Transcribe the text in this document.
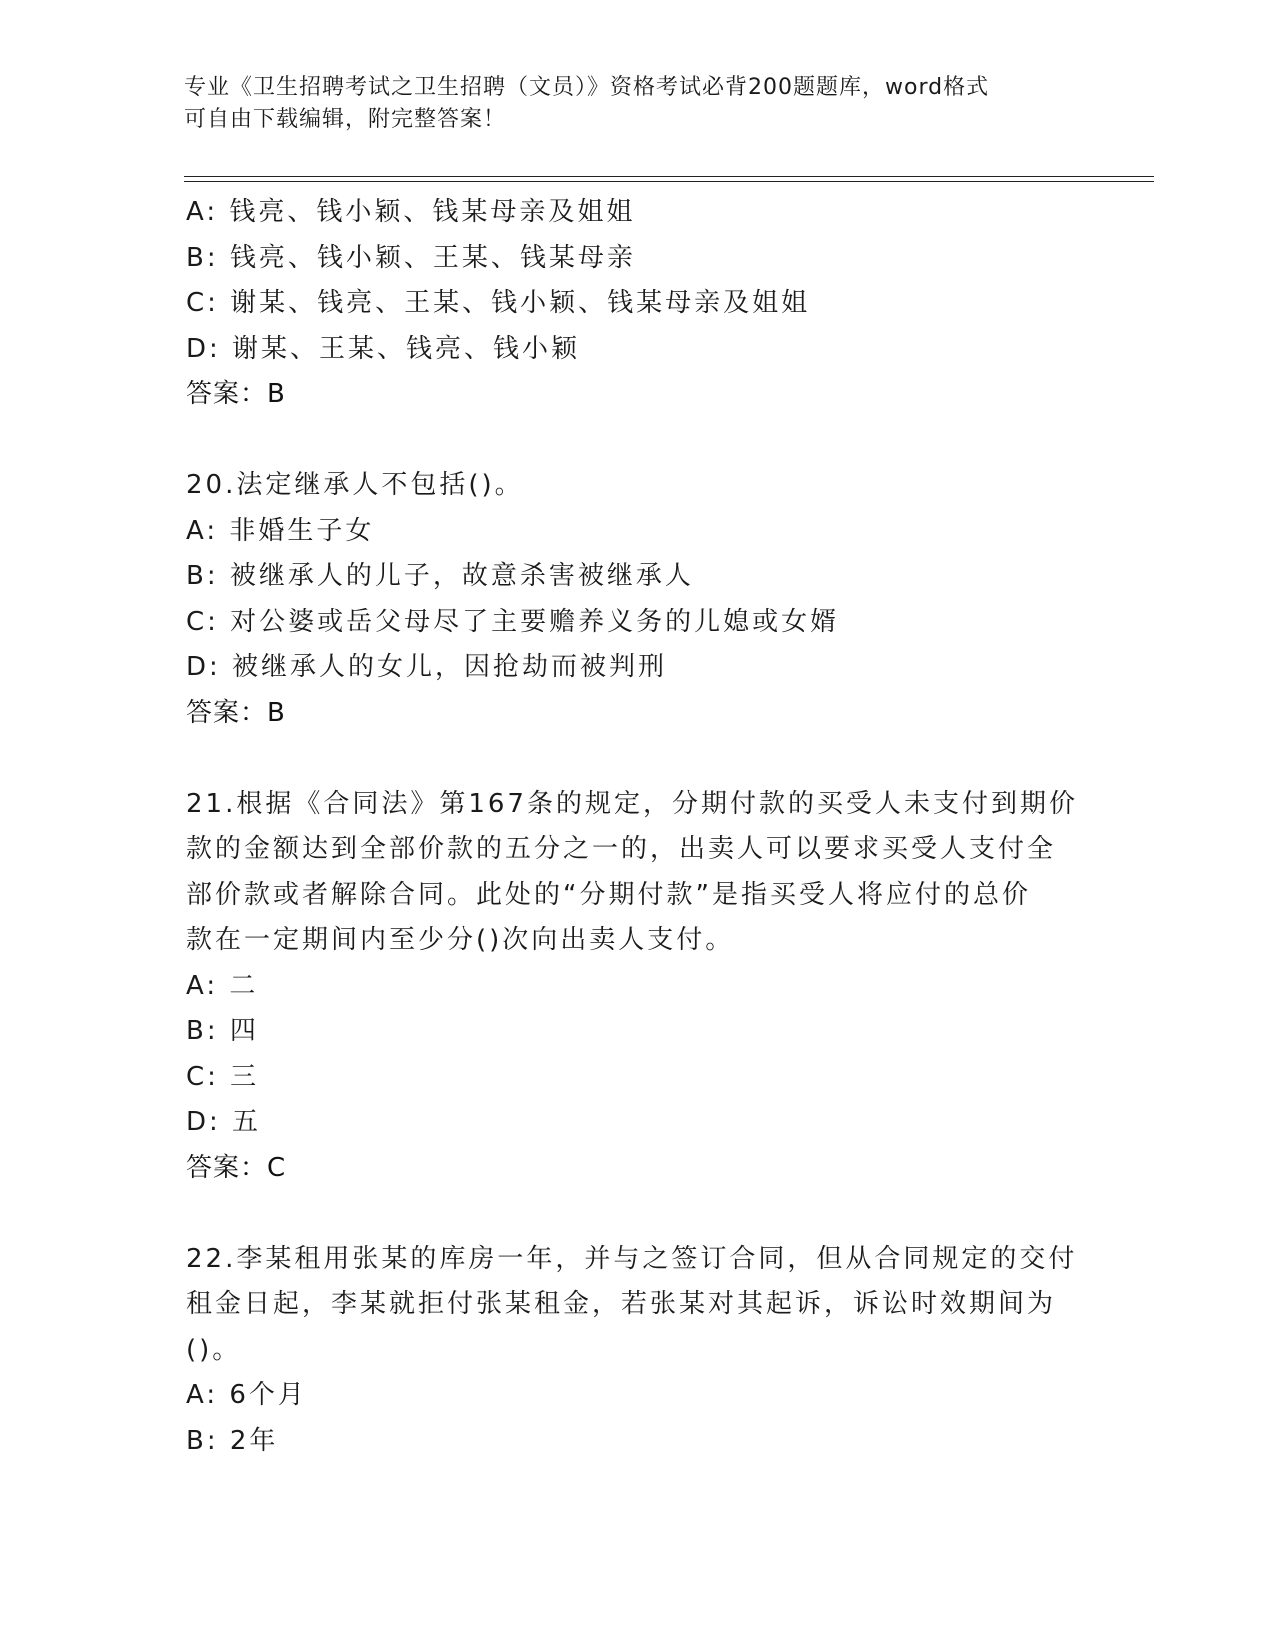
专业《卫生招聘考试之卫生招聘（文员）》资格考试必背200题题库，word格式
可自由下载编辑，附完整答案！
A: 钱亮、钱小颖、钱某母亲及姐姐
B: 钱亮、钱小颖、王某、钱某母亲
C: 谢某、钱亮、王某、钱小颖、钱某母亲及姐姐
D: 谢某、王某、钱亮、钱小颖
答案：B
20.法定继承人不包括()。
A: 非婚生子女
B: 被继承人的儿子，故意杀害被继承人
C: 对公婆或岳父母尽了主要赡养义务的儿媳或女婿
D: 被继承人的女儿，因抢劫而被判刑
答案：B
21.根据《合同法》第167条的规定，分期付款的买受人未支付到期价
款的金额达到全部价款的五分之一的，出卖人可以要求买受人支付全
部价款或者解除合同。此处的“分期付款”是指买受人将应付的总价
款在一定期间内至少分()次向出卖人支付。
A: 二
B: 四
C: 三
D: 五
答案：C
22.李某租用张某的库房一年，并与之签订合同，但从合同规定的交付
租金日起，李某就拒付张某租金，若张某对其起诉，诉讼时效期间为
()。
A: 6个月
B: 2年
